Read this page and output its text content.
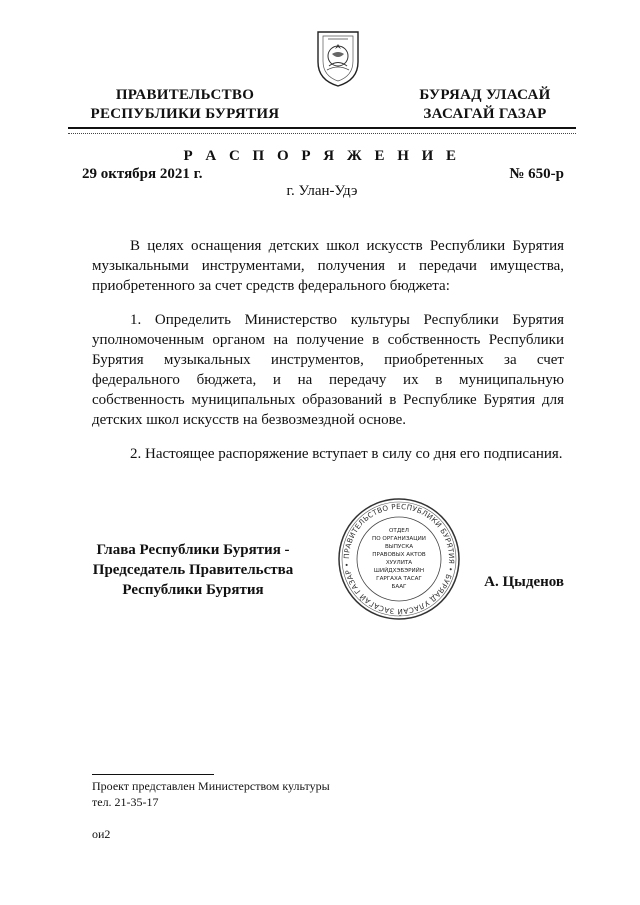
ПРАВИТЕЛЬСТВО
РЕСПУБЛИКИ БУРЯТИЯ
БУРЯАД УЛАСАЙ
ЗАСАГАЙ ГАЗАР
Р А С П О Р Я Ж Е Н И Е
29 октября 2021 г.	№ 650-р
г. Улан-Удэ

В целях оснащения детских школ искусств Республики Бурятия музыкальными инструментами, получения и передачи имущества, приобретенного за счет средств федерального бюджета:

1. Определить Министерство культуры Республики Бурятия уполномоченным органом на получение в собственность Республики Бурятия музыкальных инструментов, приобретенных за счет федерального бюджета, и на передачу их в муниципальную собственность муниципальных образований в Республике Бурятия для детских школ искусств на безвозмездной основе.

2. Настоящее распоряжение вступает в силу со дня его подписания.

Глава Республики Бурятия -
Председатель Правительства
Республики Бурятия	А. Цыденов
ПРАВИТЕЛЬСТВО РЕСПУБЛИКИ БУРЯТИЯ • БУРЯАД УЛАСАЙ ЗАСАГАЙ ГАЗАР •
ОТДЕЛ
ПО ОРГАНИЗАЦИИ
ВЫПУСКА
ПРАВОВЫХ АКТОВ
ХУУЛИТА
ШИЙДХЭБЭРИЙН
ГАРГАХА ТАСАГ
БААГ
Проект представлен Министерством культуры
тел. 21-35-17
ои2
